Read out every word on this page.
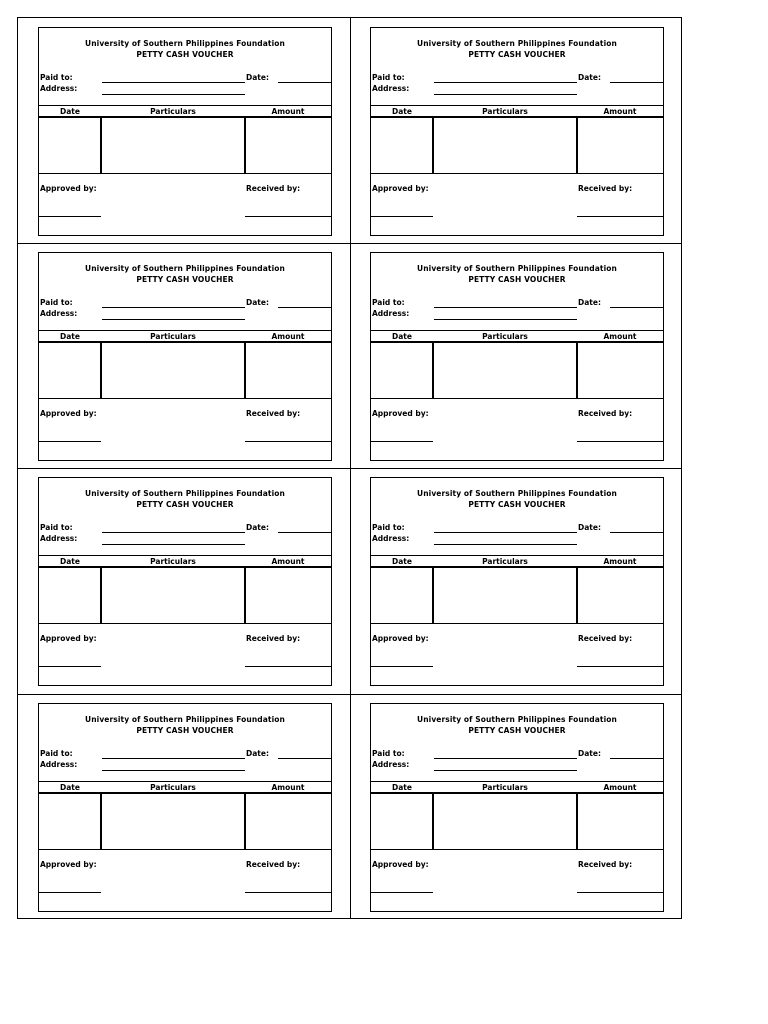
University of Southern Philippines Foundation
PETTY CASH VOUCHER
Paid to:	Date:
Address:
Date	Particulars	Amount
Approved by:	Received by:
University of Southern Philippines Foundation
PETTY CASH VOUCHER
Paid to:	Date:
Address:
Date	Particulars	Amount
Approved by:	Received by:
University of Southern Philippines Foundation
PETTY CASH VOUCHER
Paid to:	Date:
Address:
Date	Particulars	Amount
Approved by:	Received by:
University of Southern Philippines Foundation
PETTY CASH VOUCHER
Paid to:	Date:
Address:
Date	Particulars	Amount
Approved by:	Received by:
University of Southern Philippines Foundation
PETTY CASH VOUCHER
Paid to:	Date:
Address:
Date	Particulars	Amount
Approved by:	Received by:
University of Southern Philippines Foundation
PETTY CASH VOUCHER
Paid to:	Date:
Address:
Date	Particulars	Amount
Approved by:	Received by:
University of Southern Philippines Foundation
PETTY CASH VOUCHER
Paid to:	Date:
Address:
Date	Particulars	Amount
Approved by:	Received by:
University of Southern Philippines Foundation
PETTY CASH VOUCHER
Paid to:	Date:
Address:
Date	Particulars	Amount
Approved by:	Received by:
